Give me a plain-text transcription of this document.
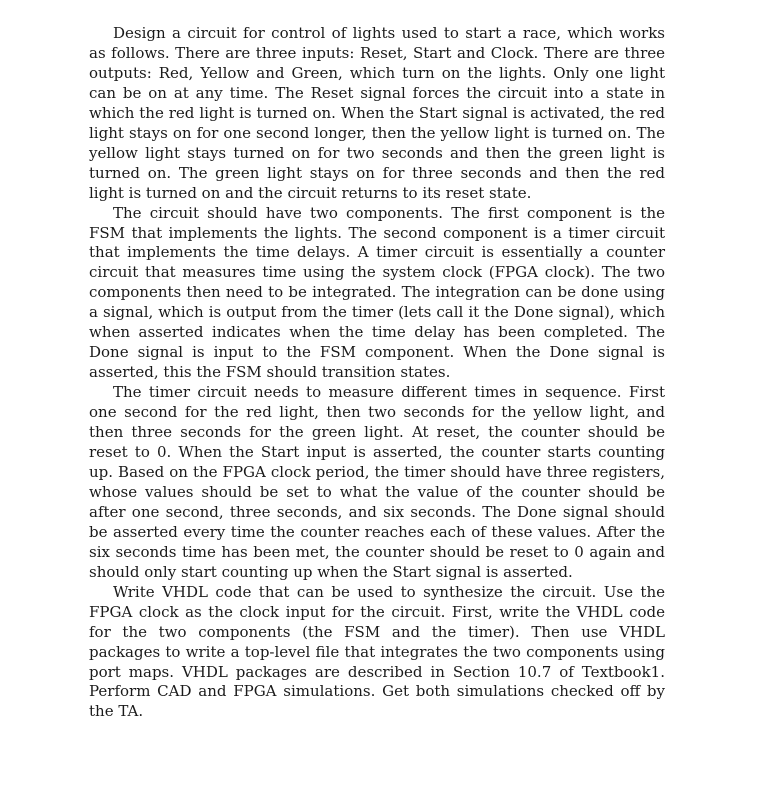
Design a circuit for control of lights used to start a race, which works as follows. There are three inputs: Reset, Start and Clock. There are three outputs: Red, Yellow and Green, which turn on the lights. Only one light can be on at any time. The Reset signal forces the circuit into a state in which the red light is turned on. When the Start signal is activated, the red light stays on for one second longer, then the yellow light is turned on. The yellow light stays turned on for two seconds and then the green light is turned on. The green light stays on for three seconds and then the red light is turned on and the circuit returns to its reset state.

The circuit should have two components. The first component is the FSM that implements the lights. The second component is a timer circuit that implements the time delays. A timer circuit is essentially a counter circuit that measures time using the system clock (FPGA clock). The two components then need to be integrated. The integration can be done using a signal, which is output from the timer (lets call it the Done signal), which when asserted indicates when the time delay has been completed. The Done signal is input to the FSM component. When the Done signal is asserted, this the FSM should transition states.

The timer circuit needs to measure different times in sequence. First one second for the red light, then two seconds for the yellow light, and then three seconds for the green light. At reset, the counter should be reset to 0. When the Start input is asserted, the counter starts counting up. Based on the FPGA clock period, the timer should have three registers, whose values should be set to what the value of the counter should be after one second, three seconds, and six seconds. The Done signal should be asserted every time the counter reaches each of these values. After the six seconds time has been met, the counter should be reset to 0 again and should only start counting up when the Start signal is asserted.

Write VHDL code that can be used to synthesize the circuit. Use the FPGA clock as the clock input for the circuit. First, write the VHDL code for the two components (the FSM and the timer). Then use VHDL packages to write a top-level file that integrates the two components using port maps. VHDL packages are described in Section 10.7 of Textbook1. Perform CAD and FPGA simulations. Get both simulations checked off by the TA.
